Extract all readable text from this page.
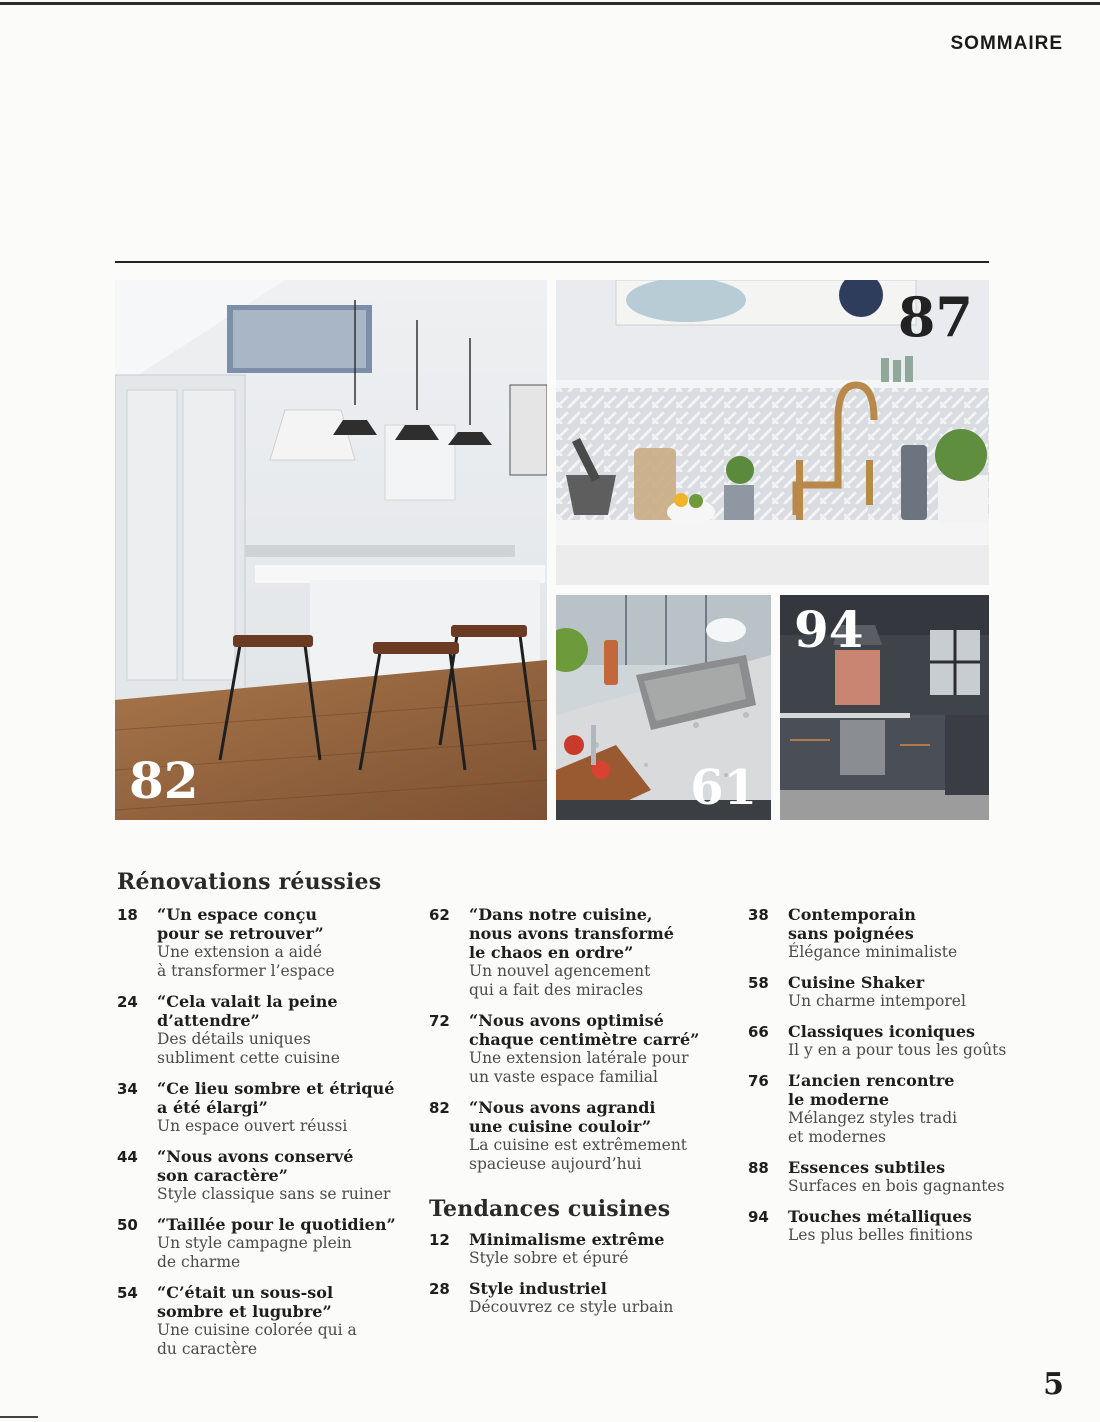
SOMMAIRE
82
87
61
94
Rénovations réussies
18	“Un espace conçu
pour se retrouver”
Une extension a aidé
à transformer l’espace
24	“Cela valait la peine
d’attendre”
Des détails uniques
subliment cette cuisine
34	“Ce lieu sombre et étriqué
a été élargi”
Un espace ouvert réussi
44	“Nous avons conservé
son caractère”
Style classique sans se ruiner
50	“Taillée pour le quotidien”
Un style campagne plein
de charme
54	“C’était un sous-sol
sombre et lugubre”
Une cuisine colorée qui a
du caractère
62	“Dans notre cuisine,
nous avons transformé
le chaos en ordre”
Un nouvel agencement
qui a fait des miracles
72	“Nous avons optimisé
chaque centimètre carré”
Une extension latérale pour
un vaste espace familial
82	“Nous avons agrandi
une cuisine couloir”
La cuisine est extrêmement
spacieuse aujourd’hui
Tendances cuisines
12	Minimalisme extrême
Style sobre et épuré
28	Style industriel
Découvrez ce style urbain
38	Contemporain
sans poignées
Élégance minimaliste
58	Cuisine Shaker
Un charme intemporel
66	Classiques iconiques
Il y en a pour tous les goûts
76	L’ancien rencontre
le moderne
Mélangez styles tradi
et modernes
88	Essences subtiles
Surfaces en bois gagnantes
94	Touches métalliques
Les plus belles finitions
5
